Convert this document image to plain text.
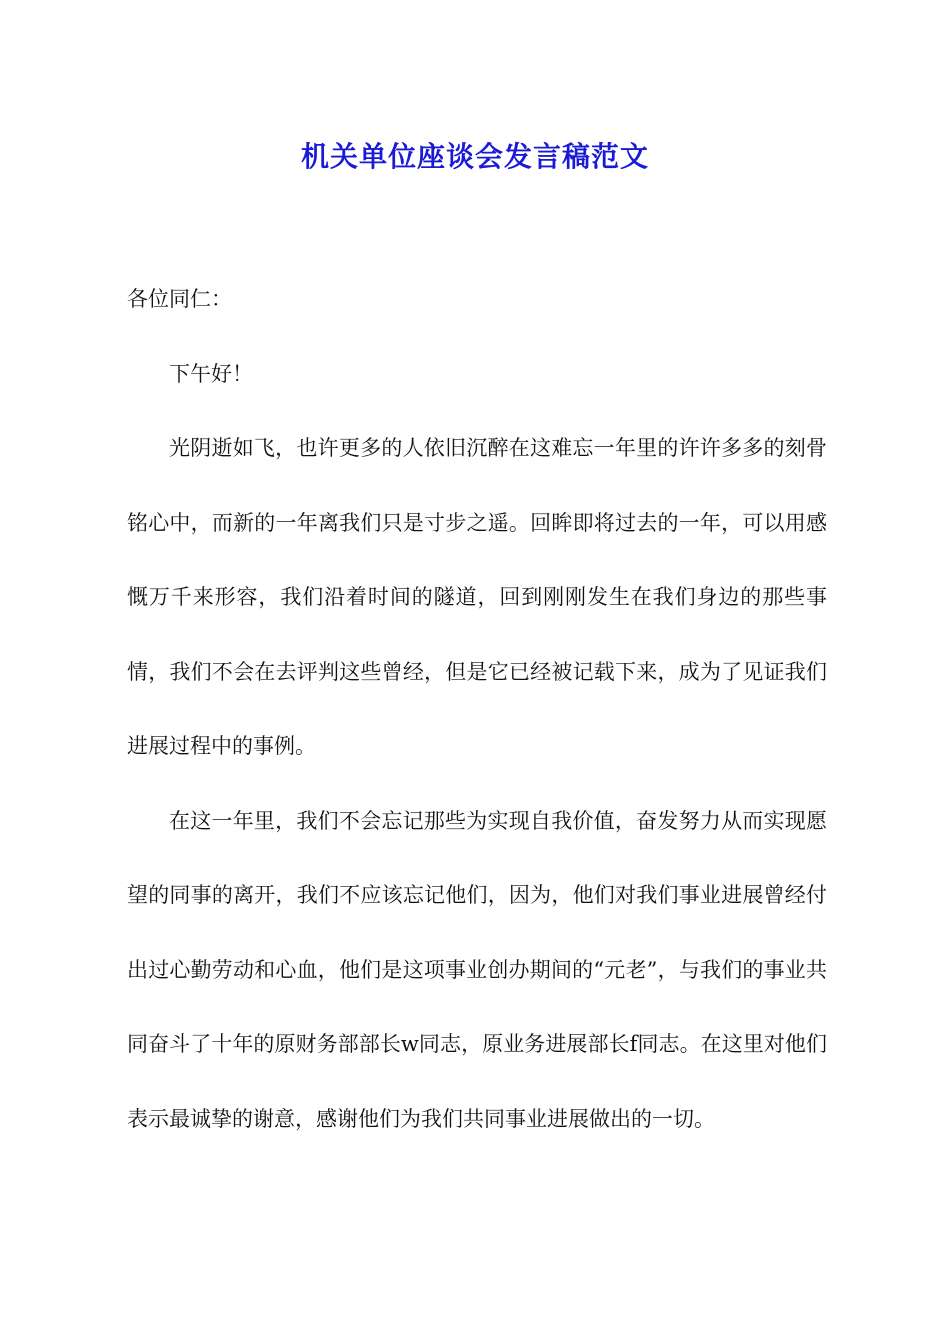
机关单位座谈会发言稿范文

各位同仁：

下午好！

光阴逝如飞，也许更多的人依旧沉醉在这难忘一年里的许许多多的刻骨铭心中，而新的一年离我们只是寸步之遥。回眸即将过去的一年，可以用感慨万千来形容，我们沿着时间的隧道，回到刚刚发生在我们身边的那些事情，我们不会在去评判这些曾经，但是它已经被记载下来，成为了见证我们进展过程中的事例。

在这一年里，我们不会忘记那些为实现自我价值，奋发努力从而实现愿望的同事的离开，我们不应该忘记他们，因为，他们对我们事业进展曾经付出过心勤劳动和心血，他们是这项事业创办期间的“元老”，与我们的事业共同奋斗了十年的原财务部部长w同志，原业务进展部长f同志。在这里对他们表示最诚挚的谢意，感谢他们为我们共同事业进展做出的一切。
